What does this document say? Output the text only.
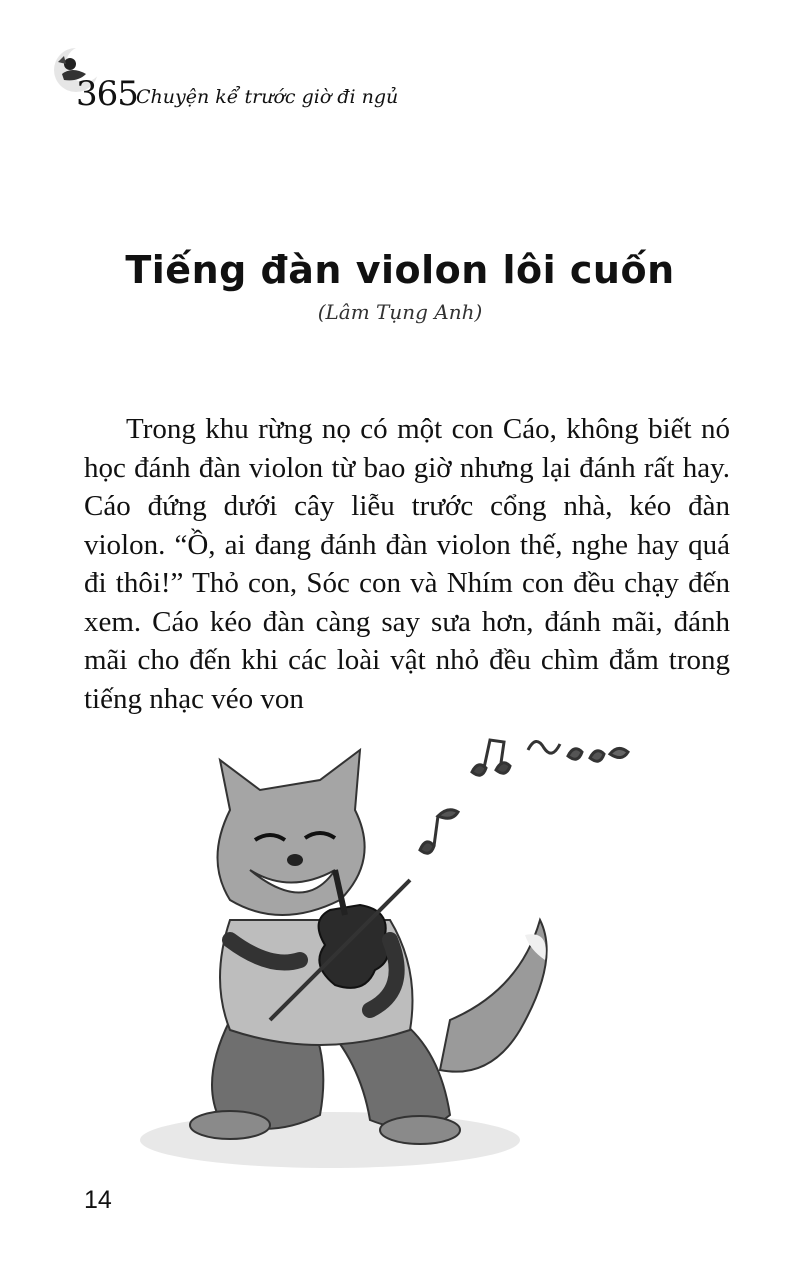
365
Chuyện kể trước giờ đi ngủ
Tiếng đàn violon lôi cuốn
(Lâm Tụng Anh)

Trong khu rừng nọ có một con Cáo, không biết nó học đánh đàn violon từ bao giờ nhưng lại đánh rất hay. Cáo đứng dưới cây liễu trước cổng nhà, kéo đàn violon. “Ồ, ai đang đánh đàn violon thế, nghe hay quá đi thôi!” Thỏ con, Sóc con và Nhím con đều chạy đến xem. Cáo kéo đàn càng say sưa hơn, đánh mãi, đánh mãi cho đến khi các loài vật nhỏ đều chìm đắm trong tiếng nhạc véo von

14
